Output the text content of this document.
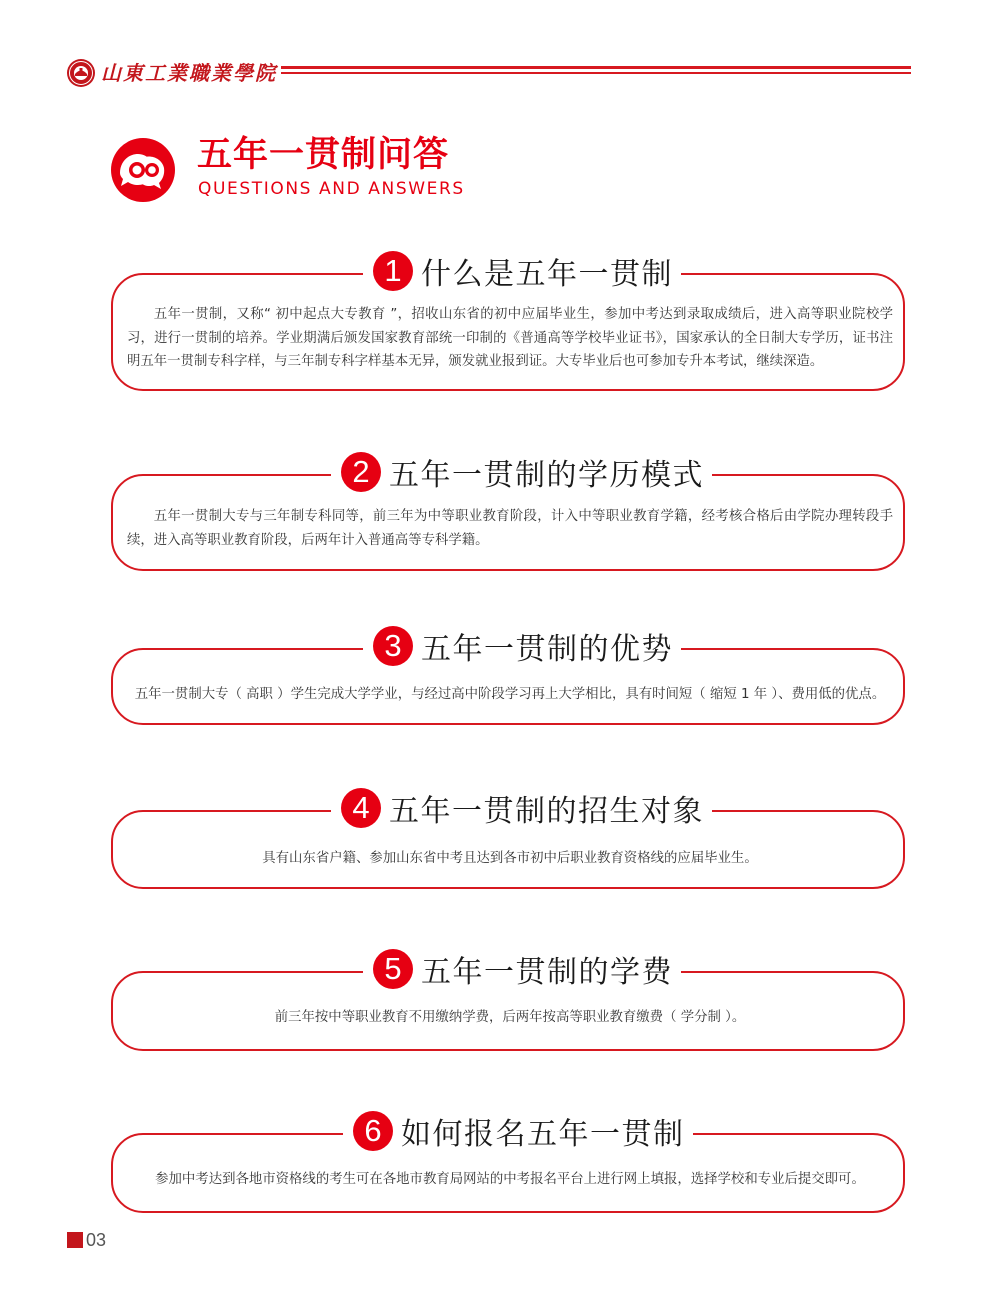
山東工業職業學院
五年一贯制问答
QUESTIONS AND ANSWERS
1 什么是五年一贯制
五年一贯制，又称“ 初中起点大专教育 ”，招收山东省的初中应届毕业生，参加中考达到录取成绩后，进入高等职业院校学习，进行一贯制的培养。学业期满后颁发国家教育部统一印制的《普通高等学校毕业证书》，国家承认的全日制大专学历，证书注明五年一贯制专科字样，与三年制专科字样基本无异，颁发就业报到证。大专毕业后也可参加专升本考试，继续深造。
2 五年一贯制的学历模式
五年一贯制大专与三年制专科同等，前三年为中等职业教育阶段，计入中等职业教育学籍，经考核合格后由学院办理转段手续，进入高等职业教育阶段，后两年计入普通高等专科学籍。
3 五年一贯制的优势
五年一贯制大专（ 高职 ）学生完成大学学业，与经过高中阶段学习再上大学相比，具有时间短（ 缩短 1 年 ）、费用低的优点。
4 五年一贯制的招生对象
具有山东省户籍、参加山东省中考且达到各市初中后职业教育资格线的应届毕业生。
5 五年一贯制的学费
前三年按中等职业教育不用缴纳学费，后两年按高等职业教育缴费（ 学分制 ）。
6 如何报名五年一贯制
参加中考达到各地市资格线的考生可在各地市教育局网站的中考报名平台上进行网上填报，选择学校和专业后提交即可。
03
